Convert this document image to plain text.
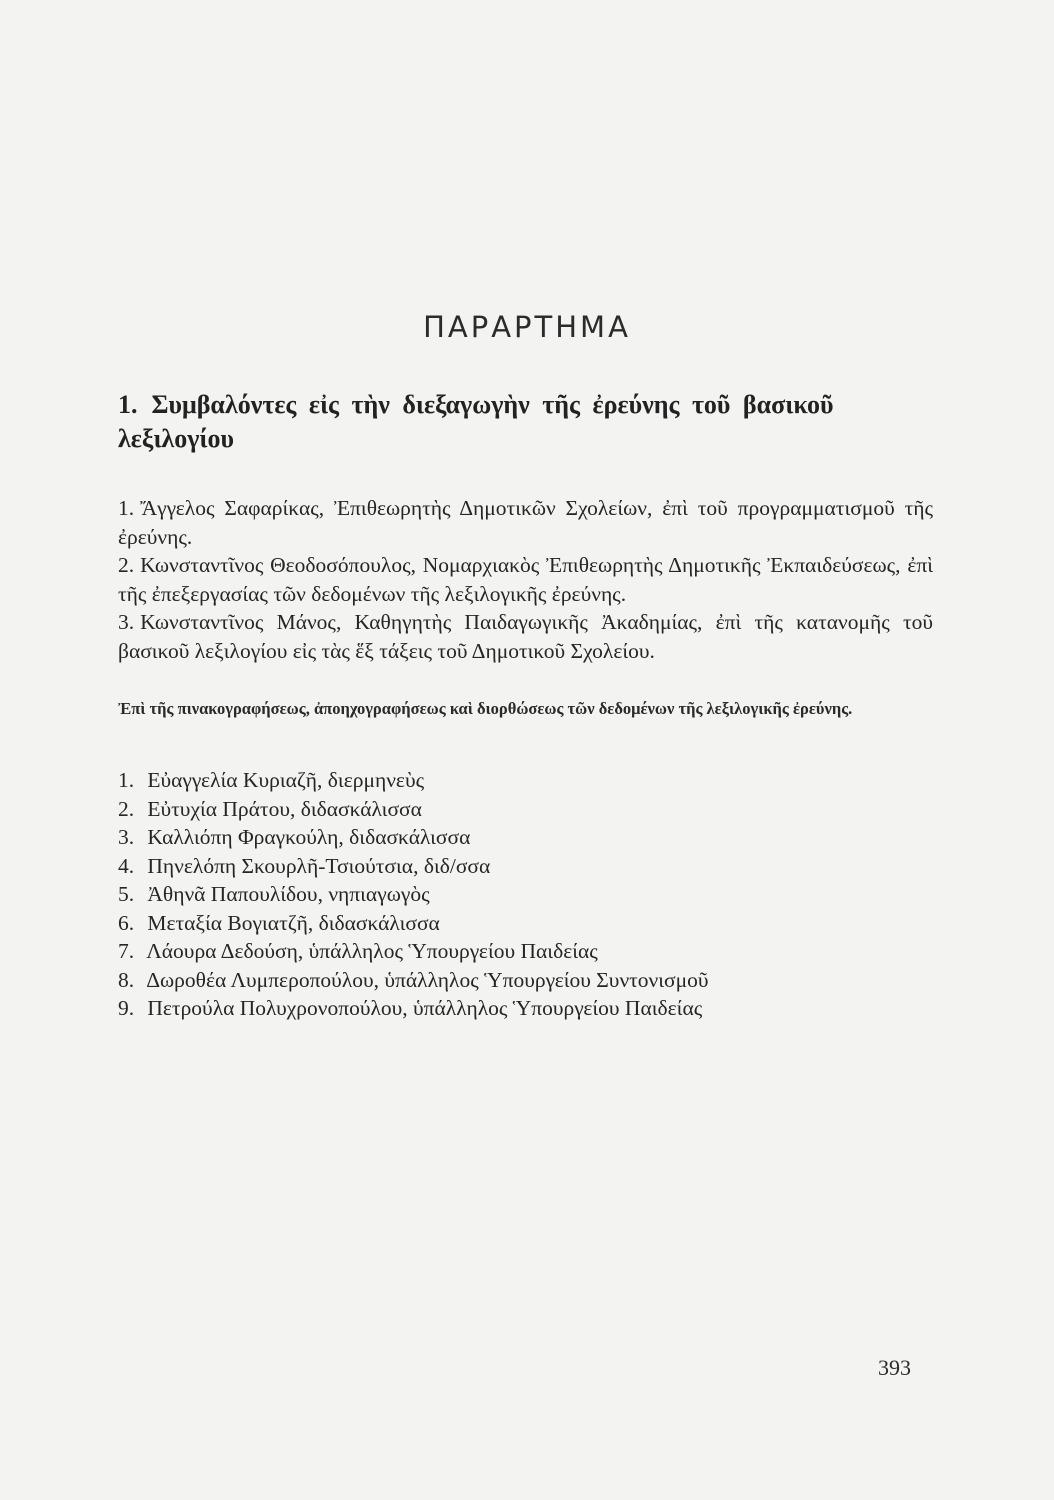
ΠΑΡΑΡΤΗΜΑ
1. Συμβαλόντες εἰς τὴν διεξαγωγὴν τῆς ἐρεύνης τοῦ βασικοῦ λεξιλογίου
1. Ἄγγελος Σαφαρίκας, Ἐπιθεωρητὴς Δημοτικῶν Σχολείων, ἐπὶ τοῦ προγραμματισμοῦ τῆς ἐρεύνης.
2. Κωνσταντῖνος Θεοδοσόπουλος, Νομαρχιακὸς Ἐπιθεωρητὴς Δημοτικῆς Ἐκπαιδεύσεως, ἐπὶ τῆς ἐπεξεργασίας τῶν δεδομένων τῆς λεξιλογικῆς ἐρεύνης.
3. Κωνσταντῖνος Μάνος, Καθηγητὴς Παιδαγωγικῆς Ἀκαδημίας, ἐπὶ τῆς κατανομῆς τοῦ βασικοῦ λεξιλογίου εἰς τὰς ἕξ τάξεις τοῦ Δημοτικοῦ Σχολείου.

Ἐπὶ τῆς πινακογραφήσεως, ἀποηχογραφήσεως καὶ διορθώσεως τῶν δεδομένων τῆς λεξιλογικῆς ἐρεύνης.

1. Εὐαγγελία Κυριαζῆ, διερμηνεὺς
2. Εὐτυχία Πράτου, διδασκάλισσα
3. Καλλιόπη Φραγκούλη, διδασκάλισσα
4. Πηνελόπη Σκουρλῆ-Τσιούτσια, διδ/σσα
5. Ἀθηνᾶ Παπουλίδου, νηπιαγωγὸς
6. Μεταξία Βογιατζῆ, διδασκάλισσα
7. Λάουρα Δεδούση, ὑπάλληλος Ὑπουργείου Παιδείας
8. Δωροθέα Λυμπεροπούλου, ὑπάλληλος Ὑπουργείου Συντονισμοῦ
9. Πετρούλα Πολυχρονοπούλου, ὑπάλληλος Ὑπουργείου Παιδείας

393
